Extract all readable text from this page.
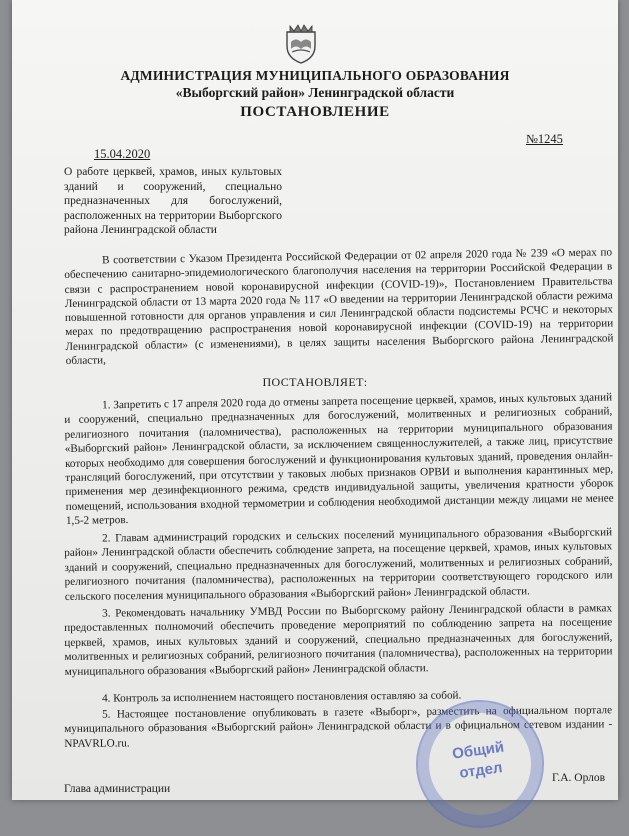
АДМИНИСТРАЦИЯ МУНИЦИПАЛЬНОГО ОБРАЗОВАНИЯ
«Выборгский район» Ленинградской области
ПОСТАНОВЛЕНИЕ
15.04.2020
№1245
О работе церквей, храмов, иных культовых зданий и сооружений, специально предназначенных для богослужений, расположенных на территории Выборгского района Ленинградской области
В соответствии с Указом Президента Российской Федерации от 02 апреля 2020 года № 239 «О мерах по обеспечению санитарно-эпидемиологического благополучия населения на территории Российской Федерации в связи с распространением новой коронавирусной инфекции (COVID-19)», Постановлением Правительства Ленинградской области от 13 марта 2020 года № 117 «О введении на территории Ленинградской области режима повышенной готовности для органов управления и сил Ленинградской области подсистемы РСЧС и некоторых мерах по предотвращению распространения новой коронавирусной инфекции (COVID-19) на территории Ленинградской области» (с изменениями), в целях защиты населения Выборгского района Ленинградской области,
ПОСТАНОВЛЯЕТ:
1. Запретить с 17 апреля 2020 года до отмены запрета посещение церквей, храмов, иных культовых зданий и сооружений, специально предназначенных для богослужений, молитвенных и религиозных собраний, религиозного почитания (паломничества), расположенных на территории муниципального образования «Выборгский район» Ленинградской области, за исключением священнослужителей, а также лиц, присутствие которых необходимо для совершения богослужений и функционирования культовых зданий, проведения онлайн-трансляций богослужений, при отсутствии у таковых любых признаков ОРВИ и выполнения карантинных мер, применения мер дезинфекционного режима, средств индивидуальной защиты, увеличения кратности уборок помещений, использования входной термометрии и соблюдения необходимой дистанции между лицами не менее 1,5-2 метров.
2. Главам администраций городских и сельских поселений муниципального образования «Выборгский район» Ленинградской области обеспечить соблюдение запрета, на посещение церквей, храмов, иных культовых зданий и сооружений, специально предназначенных для богослужений, молитвенных и религиозных собраний, религиозного почитания (паломничества), расположенных на территории соответствующего городского или сельского поселения муниципального образования «Выборгский район» Ленинградской области.
3. Рекомендовать начальнику УМВД России по Выборгскому району Ленинградской области в рамках предоставленных полномочий обеспечить проведение мероприятий по соблюдению запрета на посещение церквей, храмов, иных культовых зданий и сооружений, специально предназначенных для богослужений, молитвенных и религиозных собраний, религиозного почитания (паломничества), расположенных на территории муниципального образования «Выборгский район» Ленинградской области.
4. Контроль за исполнением настоящего постановления оставляю за собой.
5. Настоящее постановление опубликовать в газете «Выборг», разместить на официальном портале муниципального образования «Выборгский район» Ленинградской области и в официальном сетевом издании - NPAVRLO.ru.	Общий
отдел
Глава администрации
Г.А. Орлов
